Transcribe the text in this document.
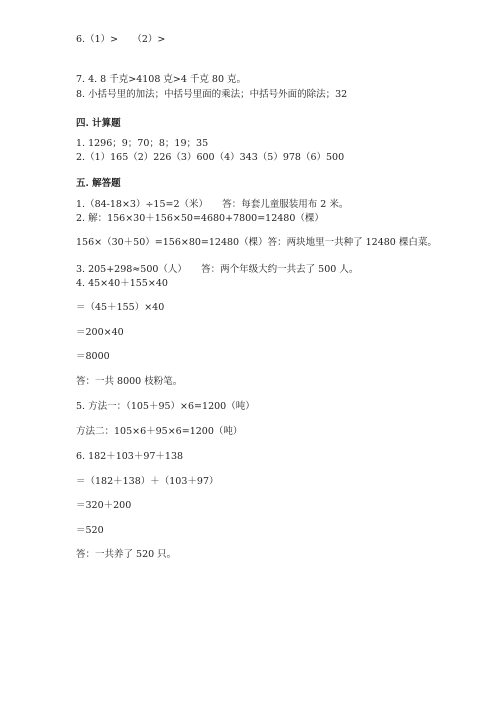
6.（1）>　　（2）>
7. 4. 8 千克>4108 克>4 千克 80 克。
8. 小括号里的加法；中括号里面的乘法；中括号外面的除法；32
四. 计算题
1. 1296；9；70；8；19；35
2.（1）165（2）226（3）600（4）343（5）978（6）500
五. 解答题
1.（84-18×3）÷15=2（米）　　答：每套儿童服装用布 2 米。
2. 解：156×30＋156×50=4680+7800=12480（棵）
156×（30＋50）=156×80=12480（棵）答：两块地里一共种了 12480 棵白菜。
3. 205+298≈500（人）　　答：两个年级大约一共去了 500 人。
4. 45×40＋155×40
＝（45＋155）×40
＝200×40
＝8000
答：一共 8000 枝粉笔。
5. 方法一：（105＋95）×6=1200（吨）
方法二：105×6＋95×6=1200（吨）
6. 182＋103＋97＋138
＝（182＋138）＋（103＋97）
＝320＋200
＝520
答：一共养了 520 只。
